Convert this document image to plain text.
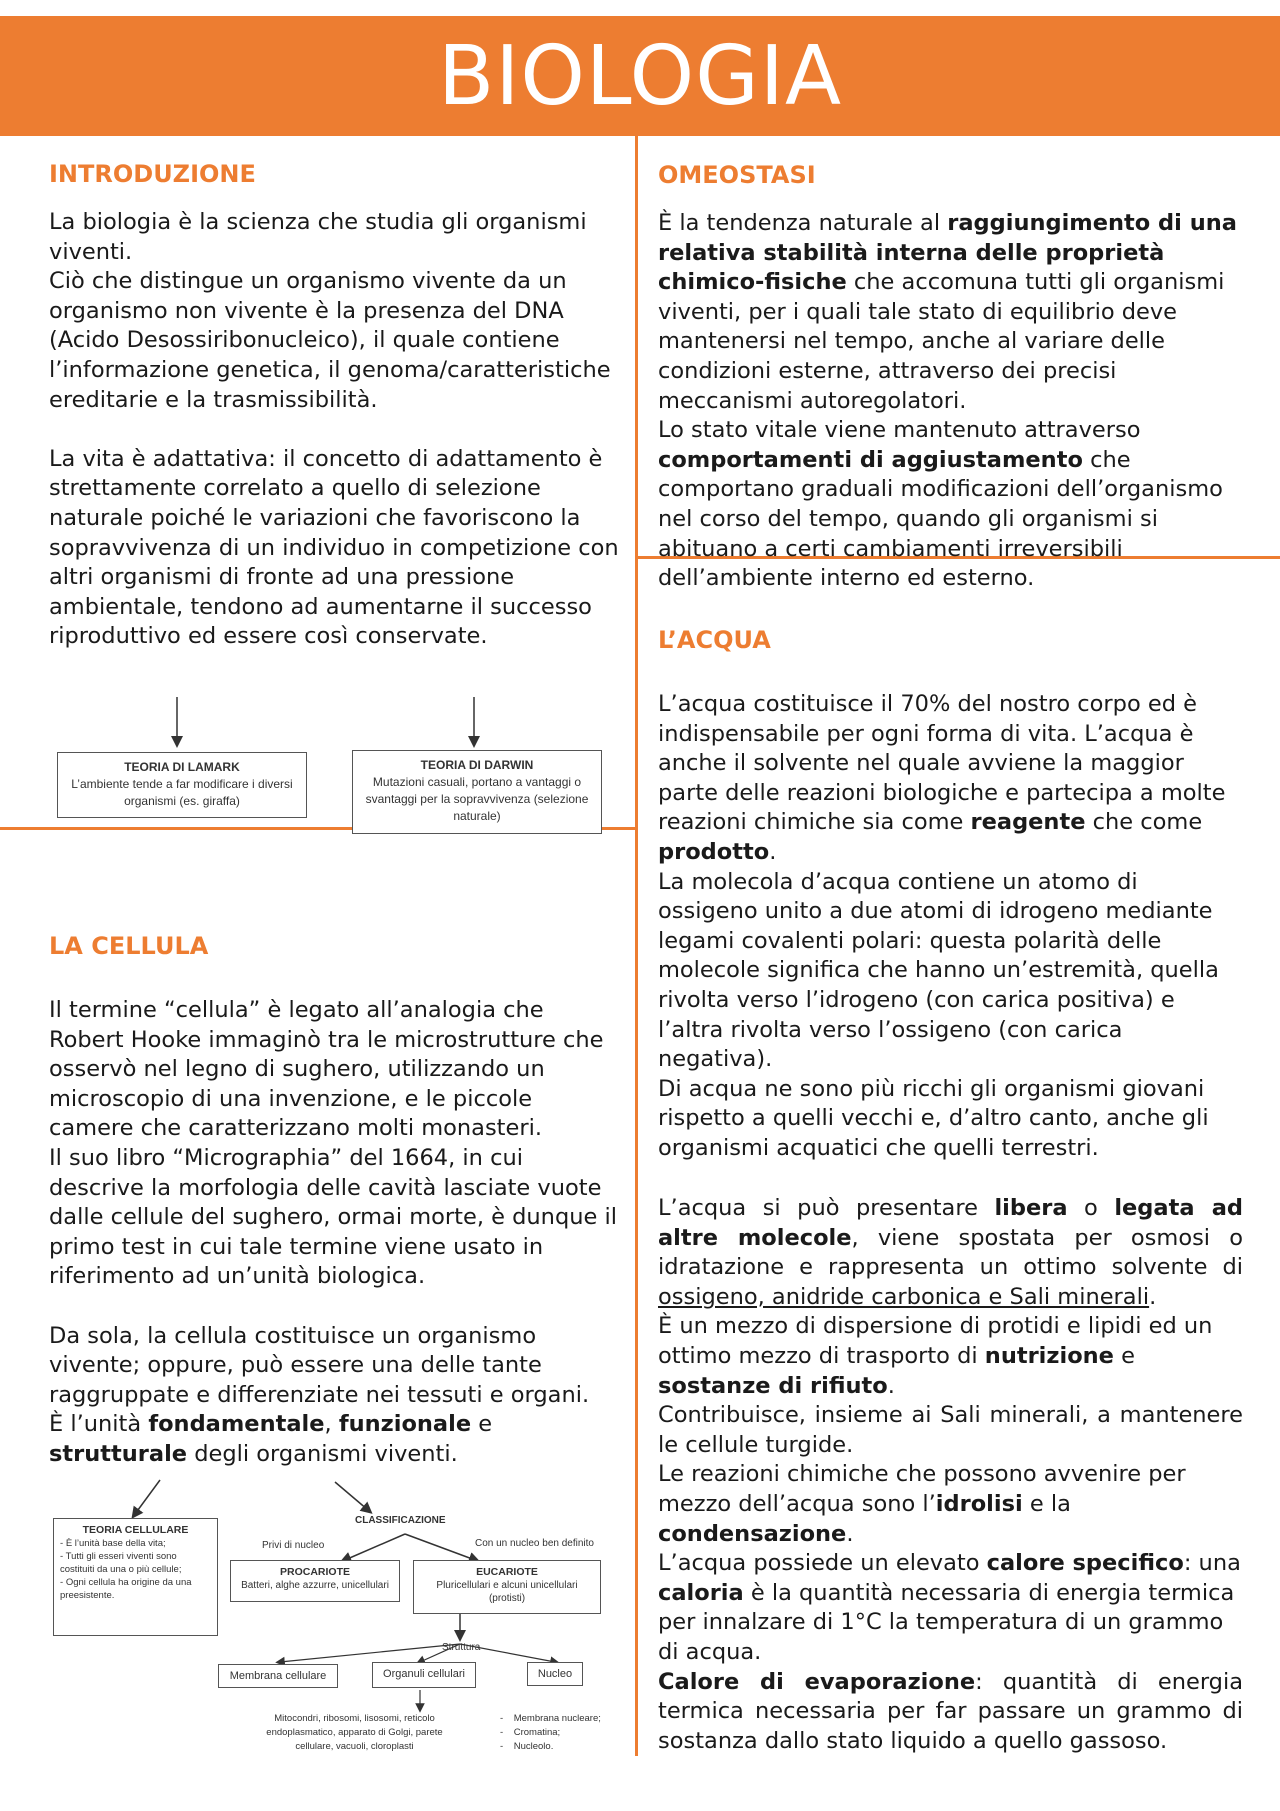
BIOLOGIA
INTRODUZIONE
La biologia è la scienza che studia gli organismi viventi.
Ciò che distingue un organismo vivente da un organismo non vivente è la presenza del DNA (Acido Desossiribonucleico), il quale contiene l’informazione genetica, il genoma/caratteristiche ereditarie e la trasmissibilità.

La vita è adattativa: il concetto di adattamento è strettamente correlato a quello di selezione naturale poiché le variazioni che favoriscono la sopravvivenza di un individuo in competizione con altri organismi di fronte ad una pressione ambientale, tendono ad aumentarne il successo riproduttivo ed essere così conservate.
TEORIA DI LAMARK
L’ambiente tende a far modificare i diversi organismi (es. giraffa)
TEORIA DI DARWIN
Mutazioni casuali, portano a vantaggi o svantaggi per la sopravvivenza (selezione naturale)
LA CELLULA
Il termine “cellula” è legato all’analogia che Robert Hooke immaginò tra le microstrutture che osservò nel legno di sughero, utilizzando un microscopio di una invenzione, e le piccole camere che caratterizzano molti monasteri.
Il suo libro “Micrographia” del 1664, in cui descrive la morfologia delle cavità lasciate vuote dalle cellule del sughero, ormai morte, è dunque il primo test in cui tale termine viene usato in riferimento ad un’unità biologica.

Da sola, la cellula costituisce un organismo vivente; oppure, può essere una delle tante raggruppate e differenziate nei tessuti e organi.
È l’unità fondamentale, funzionale e strutturale degli organismi viventi.
TEORIA CELLULARE
- È l’unità base della vita;
- Tutti gli esseri viventi sono costituiti da una o più cellule;
- Ogni cellula ha origine da una preesistente.
CLASSIFICAZIONE
Privi di nucleo	Con un nucleo ben definito
PROCARIOTE
Batteri, alghe azzurre, unicellulari
EUCARIOTE
Pluricellulari e alcuni unicellulari (protisti)
Struttura
Membrana cellulare	Organuli cellulari	Nucleo
Mitocondri, ribosomi, lisosomi, reticolo endoplasmatico, apparato di Golgi, parete cellulare, vacuoli, cloroplasti
-    Membrana nucleare;
-    Cromatina;
-    Nucleolo.
OMEOSTASI
È la tendenza naturale al raggiungimento di una relativa stabilità interna delle proprietà chimico-fisiche che accomuna tutti gli organismi viventi, per i quali tale stato di equilibrio deve mantenersi nel tempo, anche al variare delle condizioni esterne, attraverso dei precisi meccanismi autoregolatori.
Lo stato vitale viene mantenuto attraverso comportamenti di aggiustamento che comportano graduali modificazioni dell’organismo nel corso del tempo, quando gli organismi si abituano a certi cambiamenti irreversibili dell’ambiente interno ed esterno.
L’ACQUA
L’acqua costituisce il 70% del nostro corpo ed è indispensabile per ogni forma di vita. L’acqua è anche il solvente nel quale avviene la maggior parte delle reazioni biologiche e partecipa a molte reazioni chimiche sia come reagente che come prodotto.
La molecola d’acqua contiene un atomo di ossigeno unito a due atomi di idrogeno mediante legami covalenti polari: questa polarità delle molecole significa che hanno un’estremità, quella rivolta verso l’idrogeno (con carica positiva) e l’altra rivolta verso l’ossigeno (con carica negativa).
Di acqua ne sono più ricchi gli organismi giovani rispetto a quelli vecchi e, d’altro canto, anche gli organismi acquatici che quelli terrestri.
L’acqua si può presentare libera o legata ad altre molecole, viene spostata per osmosi o idratazione e rappresenta un ottimo solvente di ossigeno, anidride carbonica e Sali minerali.
È un mezzo di dispersione di protidi e lipidi ed un ottimo mezzo di trasporto di nutrizione e sostanze di rifiuto.
Contribuisce, insieme ai Sali minerali, a mantenere le cellule turgide.
Le reazioni chimiche che possono avvenire per mezzo dell’acqua sono l’idrolisi e la condensazione.
L’acqua possiede un elevato calore specifico: una caloria è la quantità necessaria di energia termica per innalzare di 1°C la temperatura di un grammo di acqua.
Calore di evaporazione: quantità di energia termica necessaria per far passare un grammo di sostanza dallo stato liquido a quello gassoso.
